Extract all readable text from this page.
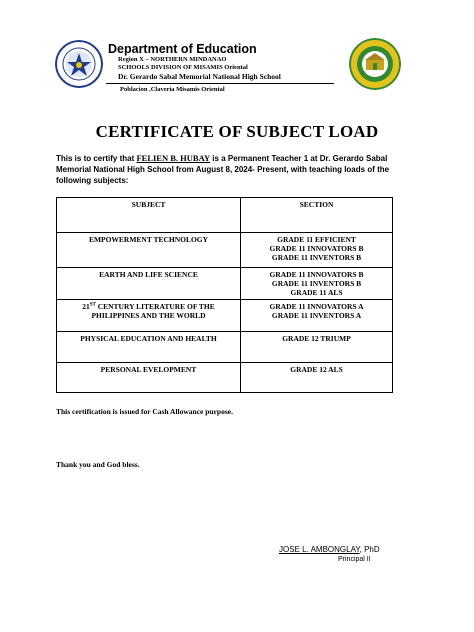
Department of Education
Region X – NORTHERN MINDANAO
SCHOOLS DIVISION OF MISAMIS Oriental
Dr. Gerardo Sabal Memorial National High School
Poblacion ,Claveria Misamis Oriental
CERTIFICATE OF SUBJECT LOAD
This is to certify that FELIEN B. HUBAY is a Permanent Teacher 1 at Dr. Gerardo Sabal Memorial National High School from August 8, 2024- Present, with teaching loads of the following subjects:
SUBJECT	SECTION
EMPOWERMENT TECHNOLOGY	GRADE 11 EFFICIENT
GRADE 11 INNOVATORS B
GRADE 11 INVENTORS B

EARTH AND LIFE SCIENCE	GRADE 11 INNOVATORS B
GRADE 11 INVENTORS B
GRADE 11 ALS

21ST CENTURY LITERATURE OF THE PHILIPPINES AND THE WORLD	GRADE 11 INNOVATORS A
GRADE 11 INVENTORS A

PHYSICAL EDUCATION AND HEALTH	GRADE 12 TRIUMP

PERSONAL EVELOPMENT	GRADE 12 ALS
This certification is issued for Cash Allowance purpose.
Thank you and God bless.
JOSE L. AMBONGLAY, PhD
Principal II
